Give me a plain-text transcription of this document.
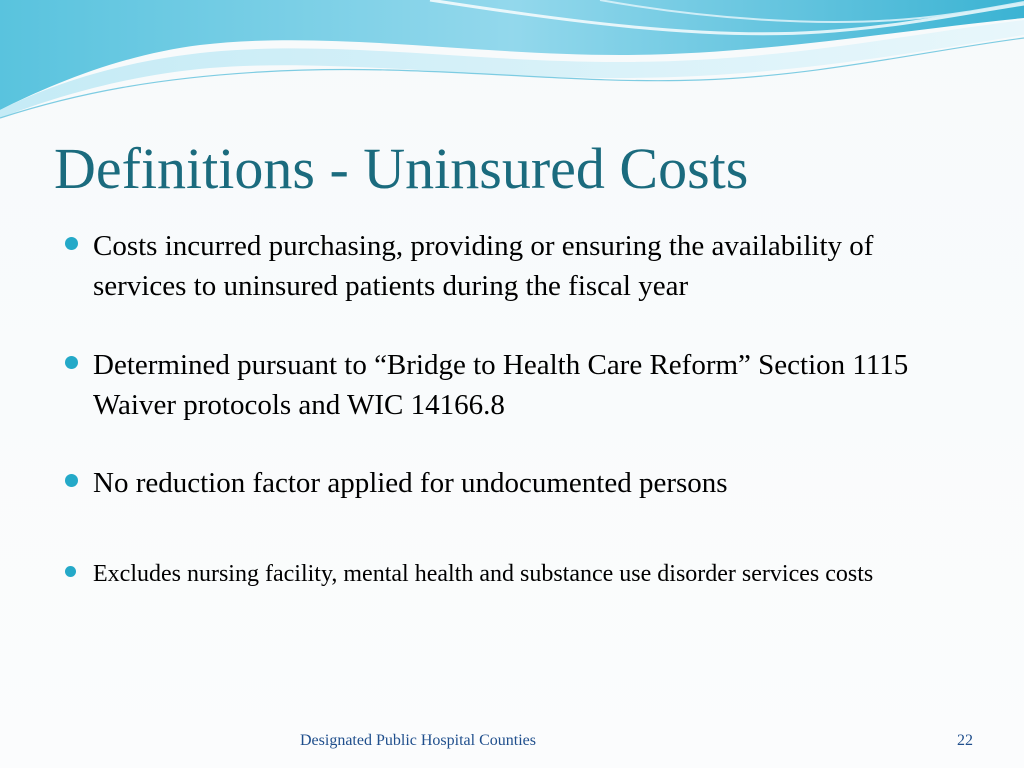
Definitions - Uninsured Costs
Costs incurred purchasing, providing or ensuring the availability of services to uninsured patients during the fiscal year
Determined pursuant to “Bridge to Health Care Reform” Section 1115 Waiver protocols and WIC 14166.8
No reduction factor applied for undocumented persons
Excludes nursing facility, mental health and substance use disorder services costs
Designated Public Hospital Counties	22
